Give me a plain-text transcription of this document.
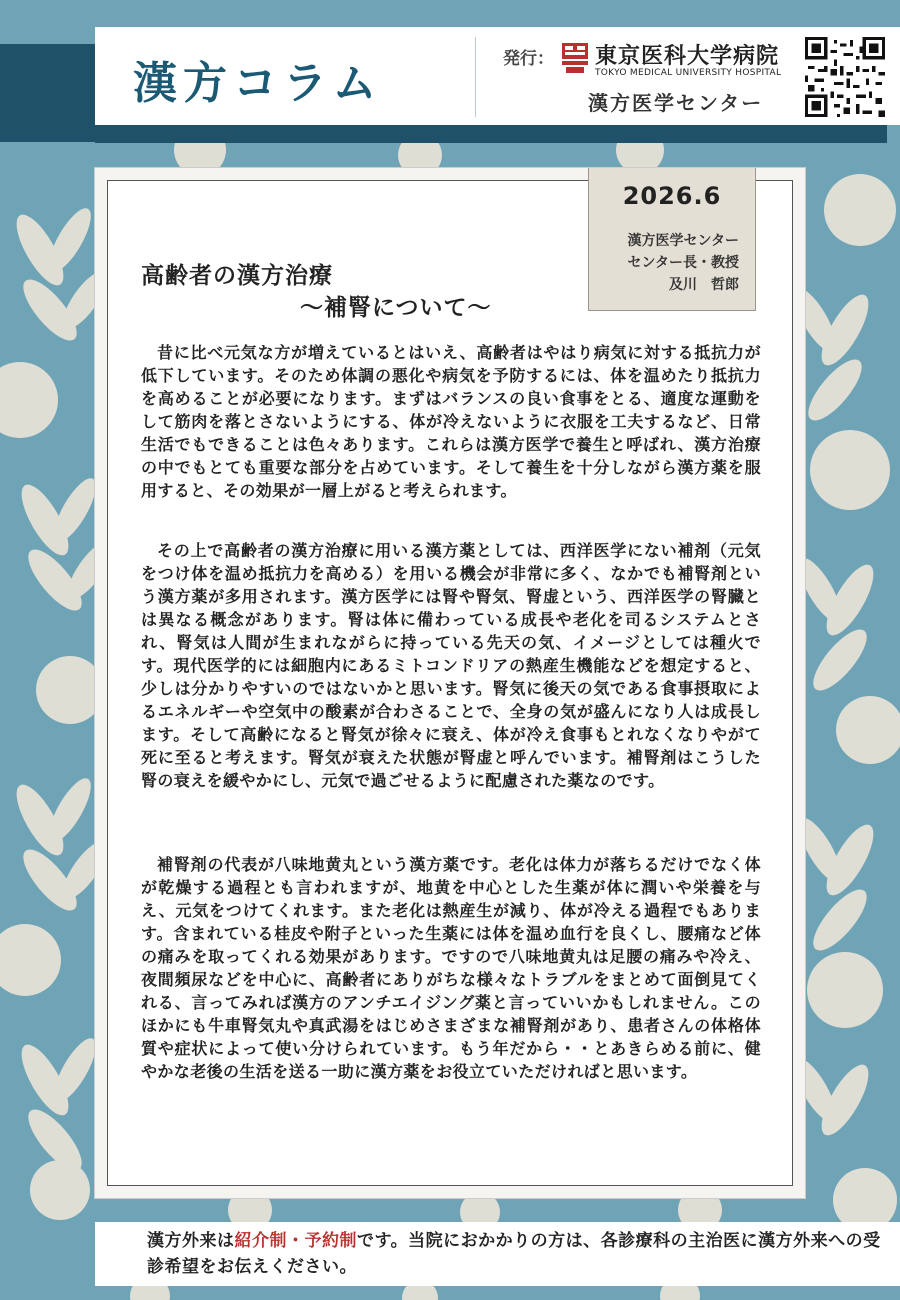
漢方コラム	発行： 東京医科大学病院
TOKYO MEDICAL UNIVERSITY HOSPITAL
漢方医学センター
高齢者の漢方治療
～補腎について～
昔に比べ元気な方が増えているとはいえ、高齢者はやはり病気に対する抵抗力が低下しています。そのため体調の悪化や病気を予防するには、体を温めたり抵抗力を高めることが必要になります。まずはバランスの良い食事をとる、適度な運動をして筋肉を落とさないようにする、体が冷えないように衣服を工夫するなど、日常生活でもできることは色々あります。これらは漢方医学で養生と呼ばれ、漢方治療の中でもとても重要な部分を占めています。そして養生を十分しながら漢方薬を服用すると、その効果が一層上がると考えられます。
その上で高齢者の漢方治療に用いる漢方薬としては、西洋医学にない補剤（元気をつけ体を温め抵抗力を高める）を用いる機会が非常に多く、なかでも補腎剤という漢方薬が多用されます。漢方医学には腎や腎気、腎虚という、西洋医学の腎臓とは異なる概念があります。腎は体に備わっている成長や老化を司るシステムとされ、腎気は人間が生まれながらに持っている先天の気、イメージとしては種火です。現代医学的には細胞内にあるミトコンドリアの熱産生機能などを想定すると、少しは分かりやすいのではないかと思います。腎気に後天の気である食事摂取によるエネルギーや空気中の酸素が合わさることで、全身の気が盛んになり人は成長します。そして高齢になると腎気が徐々に衰え、体が冷え食事もとれなくなりやがて死に至ると考えます。腎気が衰えた状態が腎虚と呼んでいます。補腎剤はこうした腎の衰えを緩やかにし、元気で過ごせるように配慮された薬なのです。
補腎剤の代表が八味地黄丸という漢方薬です。老化は体力が落ちるだけでなく体が乾燥する過程とも言われますが、地黄を中心とした生薬が体に潤いや栄養を与え、元気をつけてくれます。また老化は熱産生が減り、体が冷える過程でもあります。含まれている桂皮や附子といった生薬には体を温め血行を良くし、腰痛など体の痛みを取ってくれる効果があります。ですので八味地黄丸は足腰の痛みや冷え、夜間頻尿などを中心に、高齢者にありがちな様々なトラブルをまとめて面倒見てくれる、言ってみれば漢方のアンチエイジング薬と言っていいかもしれません。このほかにも牛車腎気丸や真武湯をはじめさまざまな補腎剤があり、患者さんの体格体質や症状によって使い分けられています。もう年だから・・とあきらめる前に、健やかな老後の生活を送る一助に漢方薬をお役立ていただければと思います。
2026.6
漢方医学センター
センター長・教授
及川　哲郎
漢方外来は紹介制・予約制です。当院におかかりの方は、各診療科の主治医に漢方外来への受診希望をお伝えください。
